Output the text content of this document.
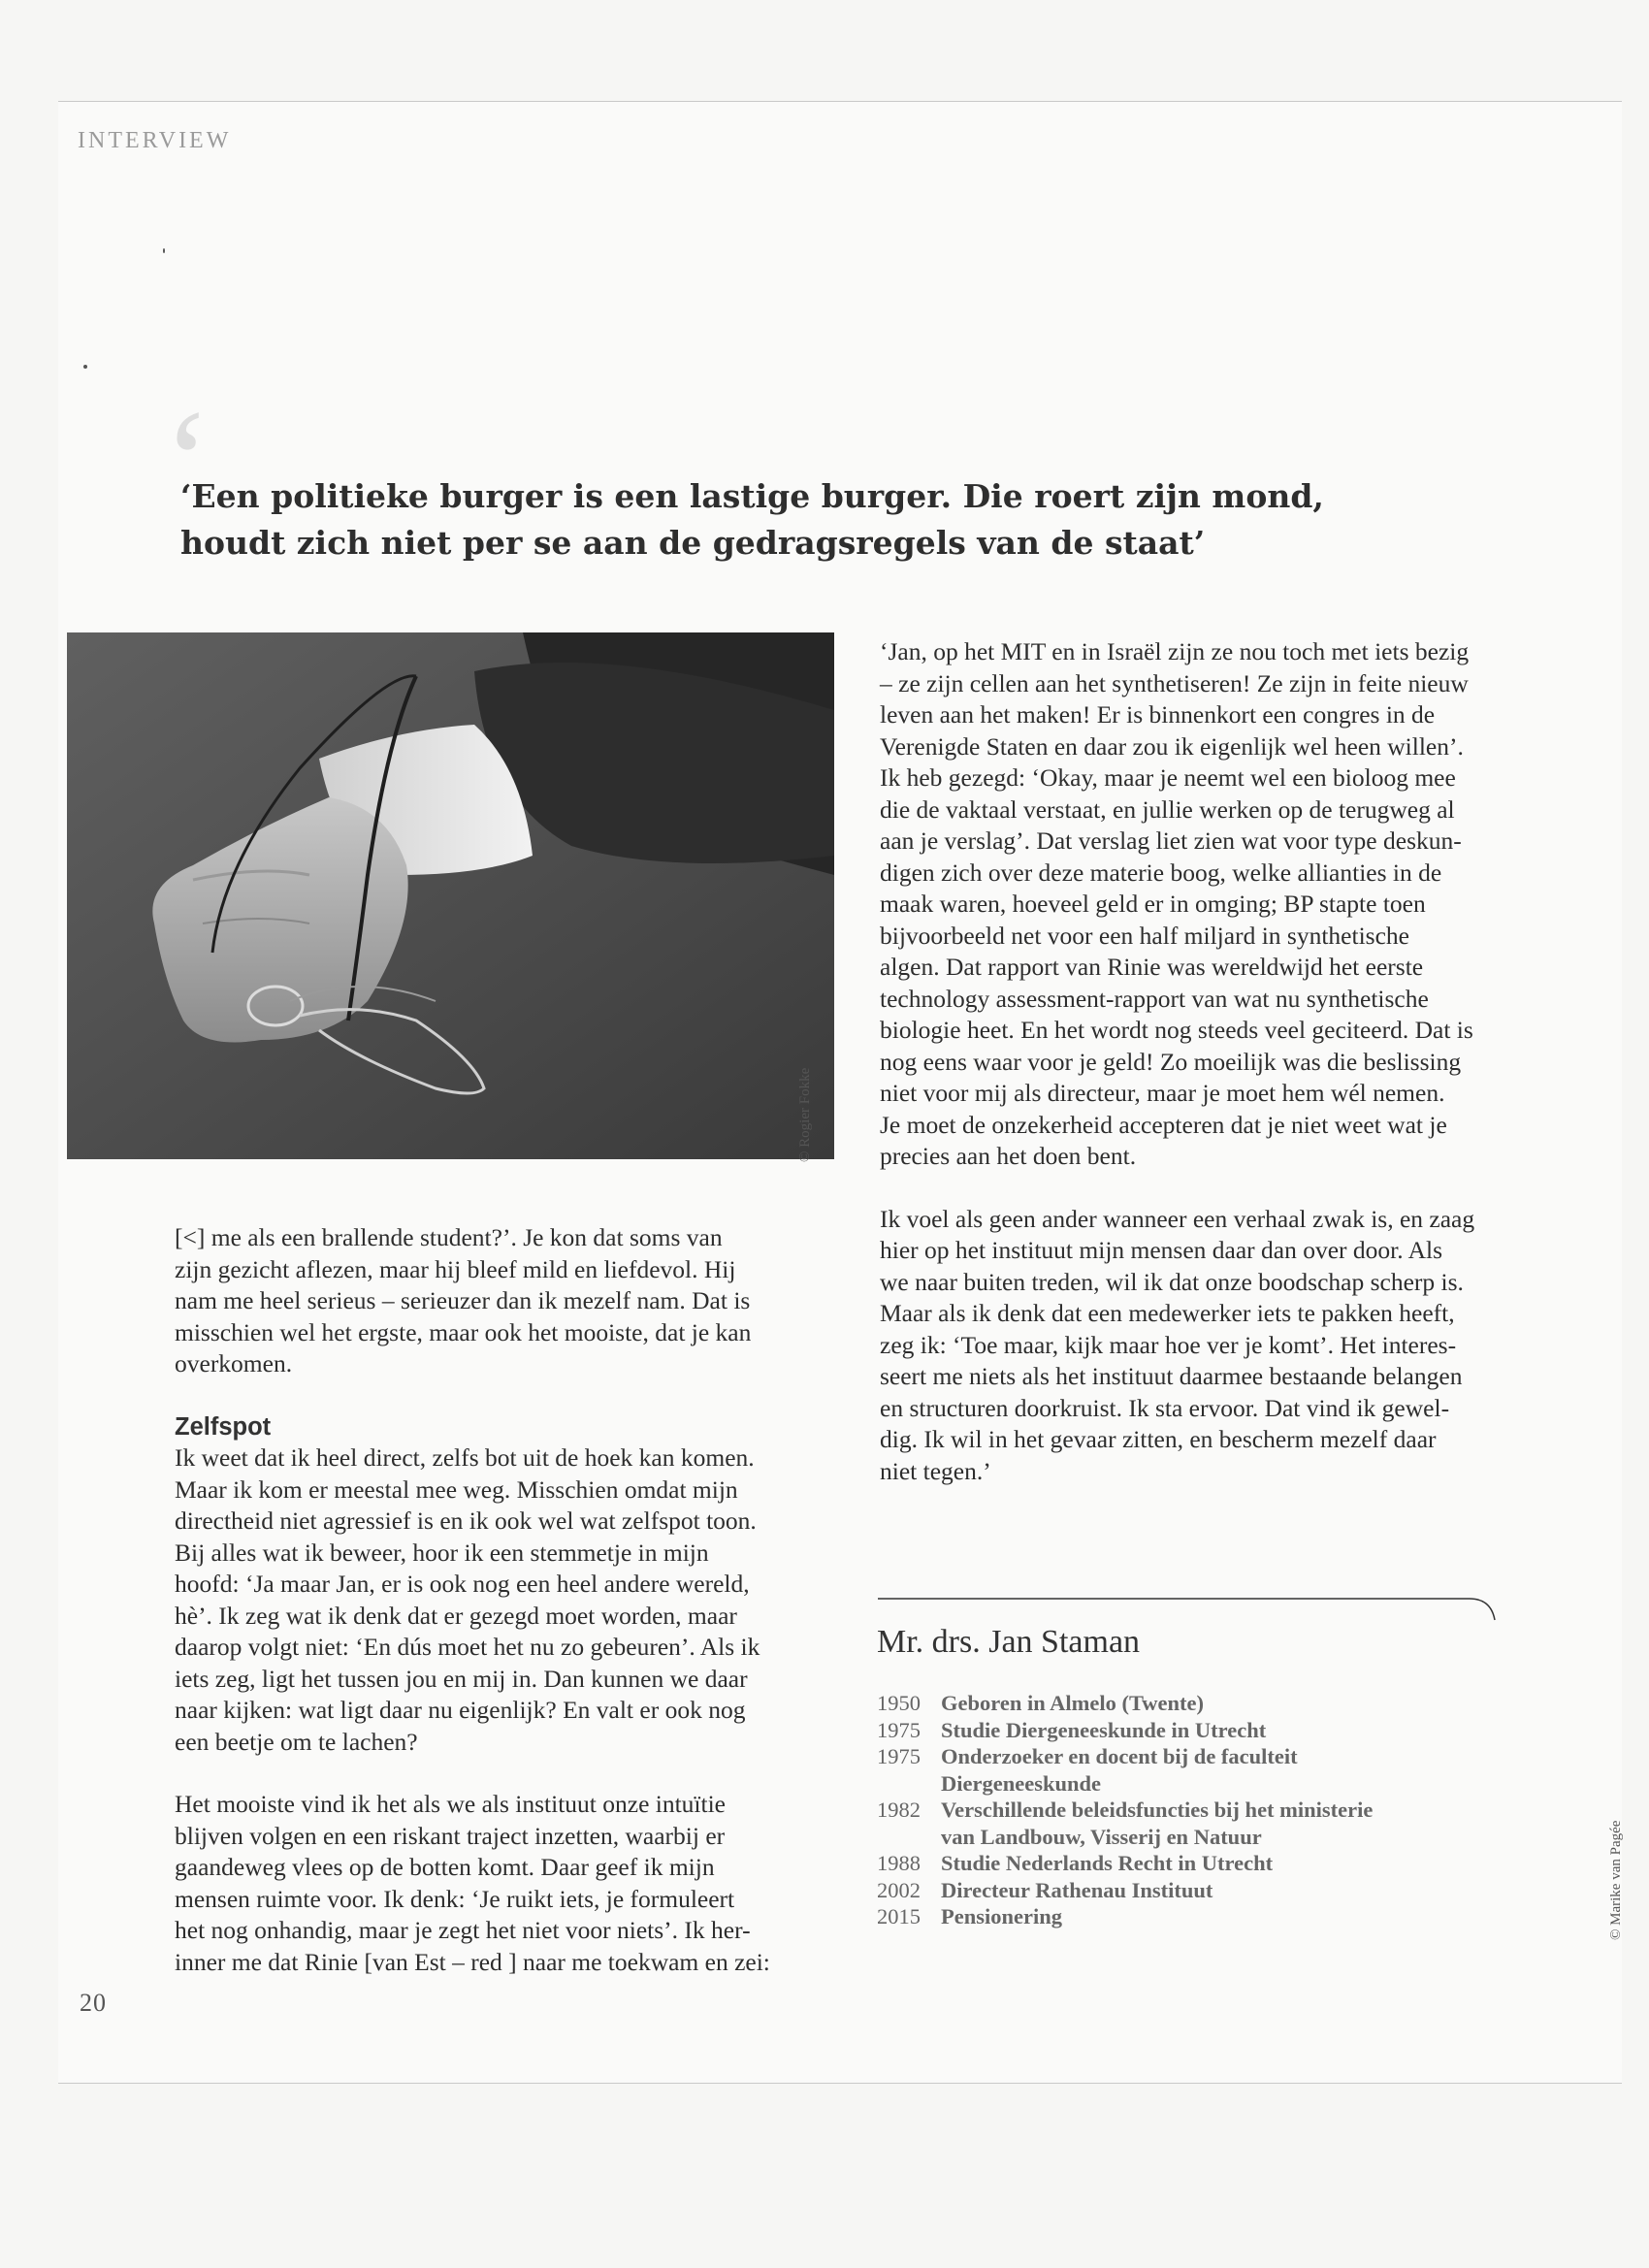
INTERVIEW
‘
‘Een politieke burger is een lastige burger. Die roert zijn mond,
houdt zich niet per se aan de gedragsregels van de staat’
© Rogier Fokke

[<] me als een brallende student?’. Je kon dat soms van
zijn gezicht aflezen, maar hij bleef mild en liefdevol. Hij
nam me heel serieus – serieuzer dan ik mezelf nam. Dat is
misschien wel het ergste, maar ook het mooiste, dat je kan
overkomen.

Zelfspot

Ik weet dat ik heel direct, zelfs bot uit de hoek kan komen.
Maar ik kom er meestal mee weg. Misschien omdat mijn
directheid niet agressief is en ik ook wel wat zelfspot toon.
Bij alles wat ik beweer, hoor ik een stemmetje in mijn
hoofd: ‘Ja maar Jan, er is ook nog een heel andere wereld,
hè’. Ik zeg wat ik denk dat er gezegd moet worden, maar
daarop volgt niet: ‘En dús moet het nu zo gebeuren’. Als ik
iets zeg, ligt het tussen jou en mij in. Dan kunnen we daar
naar kijken: wat ligt daar nu eigenlijk? En valt er ook nog
een beetje om te lachen?

Het mooiste vind ik het als we als instituut onze intuïtie
blijven volgen en een riskant traject inzetten, waarbij er
gaandeweg vlees op de botten komt. Daar geef ik mijn
mensen ruimte voor. Ik denk: ‘Je ruikt iets, je formuleert
het nog onhandig, maar je zegt het niet voor niets’. Ik her-
inner me dat Rinie [van Est – red ] naar me toekwam en zei:

‘Jan, op het MIT en in Israël zijn ze nou toch met iets bezig
– ze zijn cellen aan het synthetiseren! Ze zijn in feite nieuw
leven aan het maken! Er is binnenkort een congres in de
Verenigde Staten en daar zou ik eigenlijk wel heen willen’.
Ik heb gezegd: ‘Okay, maar je neemt wel een bioloog mee
die de vaktaal verstaat, en jullie werken op de terugweg al
aan je verslag’. Dat verslag liet zien wat voor type deskun-
digen zich over deze materie boog, welke allianties in de
maak waren, hoeveel geld er in omging; BP stapte toen
bijvoorbeeld net voor een half miljard in synthetische
algen. Dat rapport van Rinie was wereldwijd het eerste
technology assessment-rapport van wat nu synthetische
biologie heet. En het wordt nog steeds veel geciteerd. Dat is
nog eens waar voor je geld! Zo moeilijk was die beslissing
niet voor mij als directeur, maar je moet hem wél nemen.
Je moet de onzekerheid accepteren dat je niet weet wat je
precies aan het doen bent.

Ik voel als geen ander wanneer een verhaal zwak is, en zaag
hier op het instituut mijn mensen daar dan over door. Als
we naar buiten treden, wil ik dat onze boodschap scherp is.
Maar als ik denk dat een medewerker iets te pakken heeft,
zeg ik: ‘Toe maar, kijk maar hoe ver je komt’. Het interes-
seert me niets als het instituut daarmee bestaande belangen
en structuren doorkruist. Ik sta ervoor. Dat vind ik gewel-
dig. Ik wil in het gevaar zitten, en bescherm mezelf daar
niet tegen.’

Mr. drs. Jan Staman
1950 Geboren in Almelo (Twente)
1975 Studie Diergeneeskunde in Utrecht
1975 Onderzoeker en docent bij de faculteit
Diergeneeskunde
1982 Verschillende beleidsfuncties bij het ministerie
van Landbouw, Visserij en Natuur
1988 Studie Nederlands Recht in Utrecht
2002 Directeur Rathenau Instituut
2015 Pensionering	© Marike van Pagée
20
